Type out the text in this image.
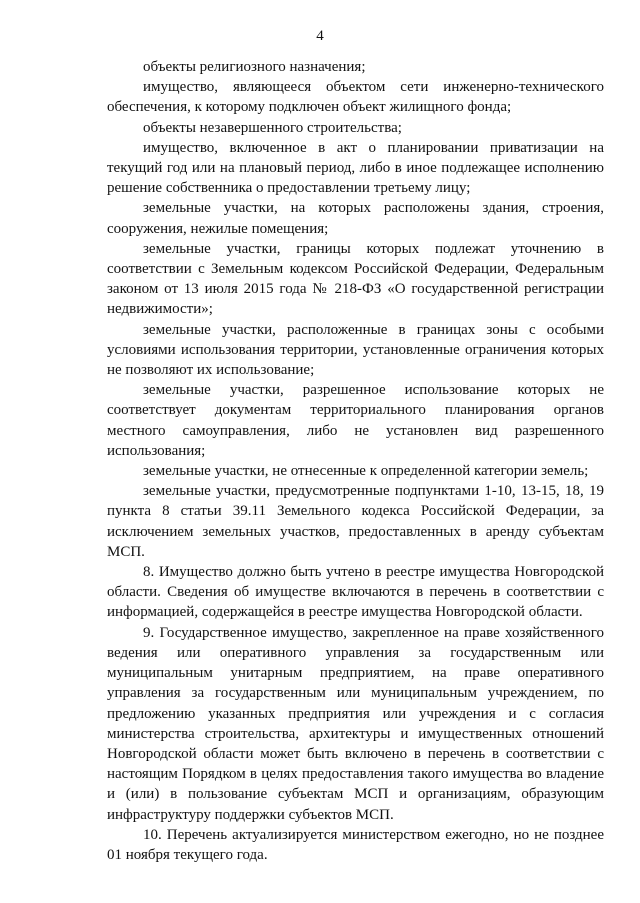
4

объекты религиозного назначения;

имущество, являющееся объектом сети инженерно-технического обеспечения, к которому подключен объект жилищного фонда;

объекты незавершенного строительства;

имущество, включенное в акт о планировании приватизации на текущий год или на плановый период, либо в иное подлежащее исполнению решение собственника о предоставлении третьему лицу;

земельные участки, на которых расположены здания, строения, сооружения, нежилые помещения;

земельные участки, границы которых подлежат уточнению в соответствии с Земельным кодексом Российской Федерации, Федеральным законом от 13 июля 2015 года № 218-ФЗ «О государственной регистрации недвижимости»;

земельные участки, расположенные в границах зоны с особыми условиями использования территории, установленные ограничения которых не позволяют их использование;

земельные участки, разрешенное использование которых не соответствует документам территориального планирования органов местного самоуправления, либо не установлен вид разрешенного использования;

земельные участки, не отнесенные к определенной категории земель;

земельные участки, предусмотренные подпунктами 1-10, 13-15, 18, 19 пункта 8 статьи 39.11 Земельного кодекса Российской Федерации, за исключением земельных участков, предоставленных в аренду субъектам МСП.

8. Имущество должно быть учтено в реестре имущества Новгородской области. Сведения об имуществе включаются в перечень в соответствии с информацией, содержащейся в реестре имущества Новгородской области.

9. Государственное имущество, закрепленное на праве хозяйственного ведения или оперативного управления за государственным или муниципальным унитарным предприятием, на праве оперативного управления за государственным или муниципальным учреждением, по предложению указанных предприятия или учреждения и с согласия министерства строительства, архитектуры и имущественных отношений Новгородской области может быть включено в перечень в соответствии с настоящим Порядком в целях предоставления такого имущества во владение и (или) в пользование субъектам МСП и организациям, образующим инфраструктуру поддержки субъектов МСП.

10. Перечень актуализируется министерством ежегодно, но не позднее 01 ноября текущего года.
